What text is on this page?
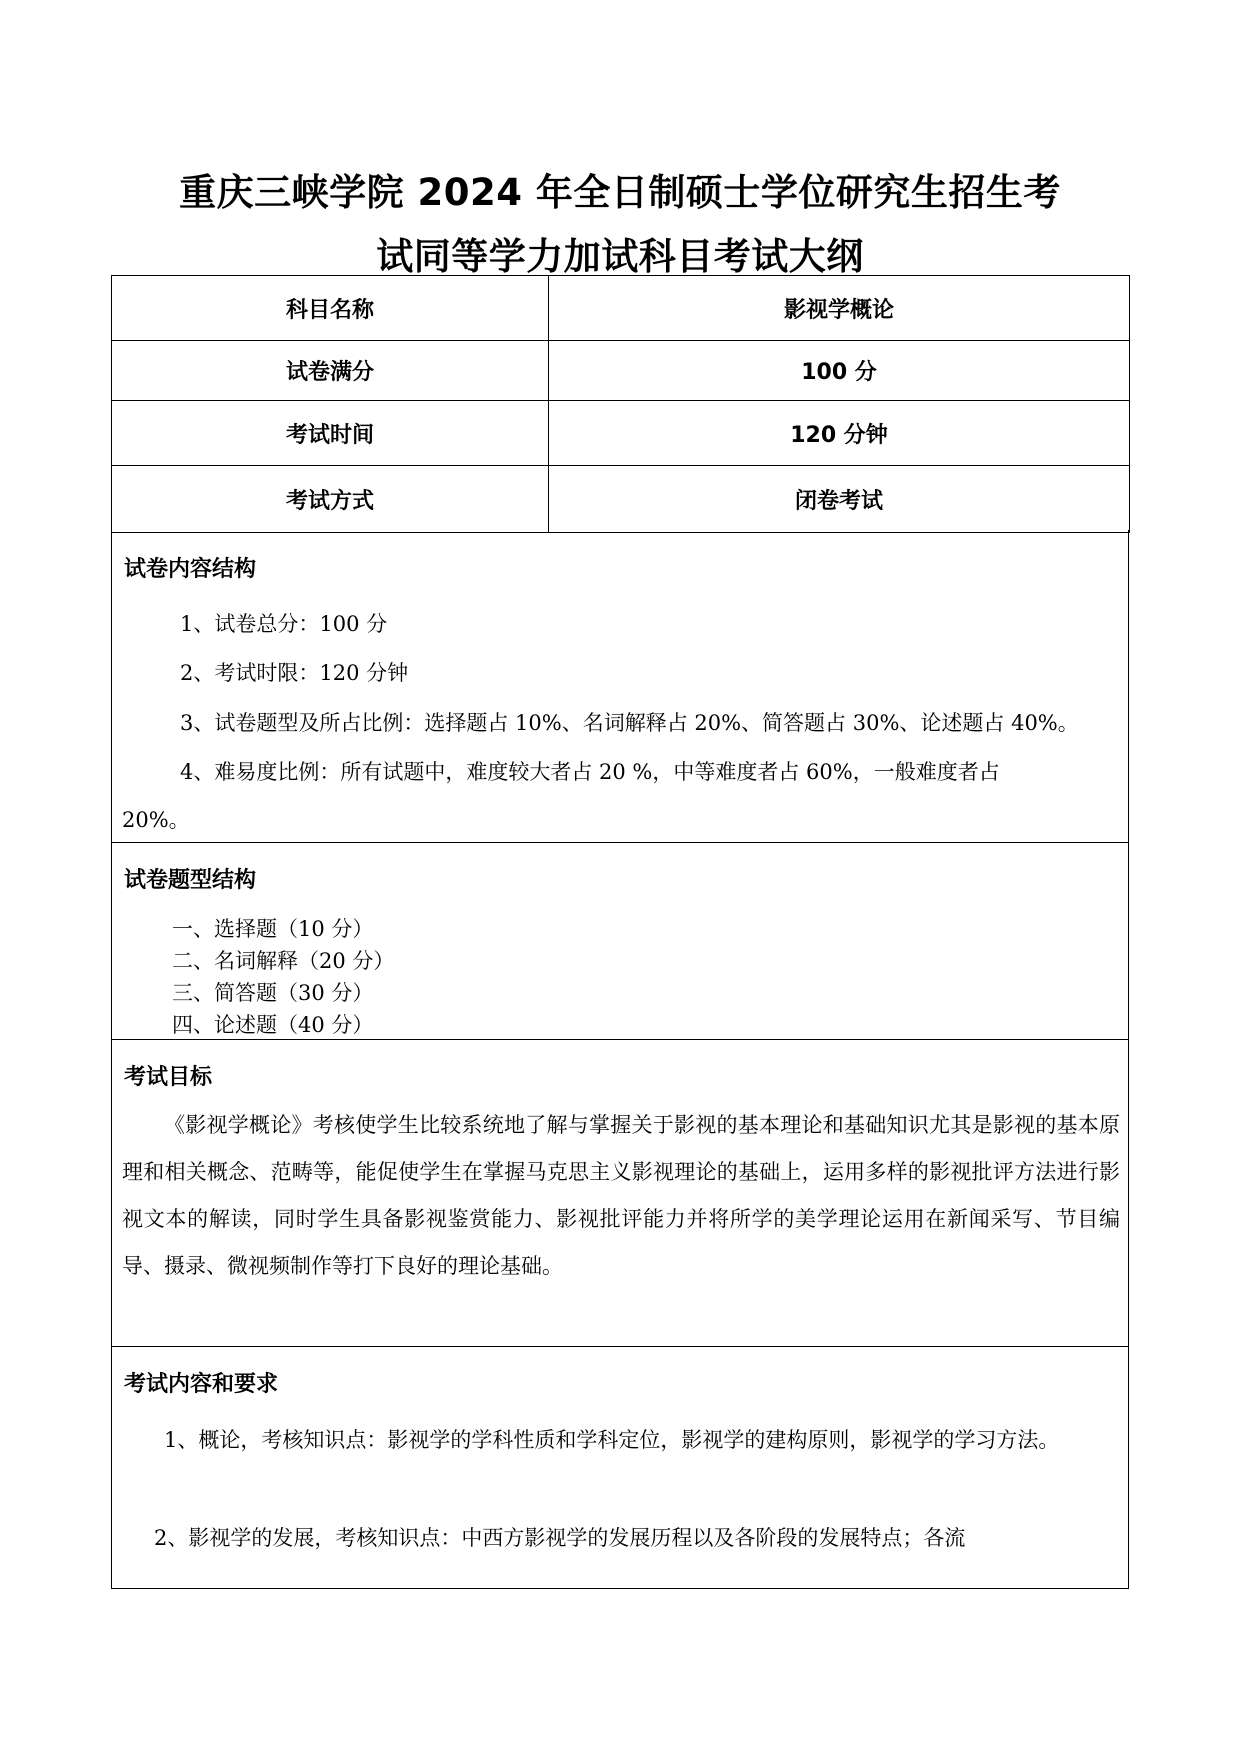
重庆三峡学院 2024 年全日制硕士学位研究生招生考
试同等学力加试科目考试大纲
科目名称	影视学概论
试卷满分	100 分
考试时间	120 分钟
考试方式	闭卷考试
试卷内容结构
1、试卷总分：100 分
2、考试时限：120 分钟
3、试卷题型及所占比例：选择题占 10%、名词解释占 20%、简答题占 30%、论述题占 40%。
4、难易度比例：所有试题中，难度较大者占 20 %，中等难度者占 60%，一般难度者占
20%。
试卷题型结构
一、选择题（10 分）
二、名词解释（20 分）
三、简答题（30 分）
四、论述题（40 分）
考试目标
《影视学概论》考核使学生比较系统地了解与掌握关于影视的基本理论和基础知识尤其是影视的基本原理和相关概念、范畴等，能促使学生在掌握马克思主义影视理论的基础上，运用多样的影视批评方法进行影视文本的解读，同时学生具备影视鉴赏能力、影视批评能力并将所学的美学理论运用在新闻采写、节目编导、摄录、微视频制作等打下良好的理论基础。
考试内容和要求
1、概论，考核知识点：影视学的学科性质和学科定位，影视学的建构原则，影视学的学习方法。
2、影视学的发展，考核知识点：中西方影视学的发展历程以及各阶段的发展特点；各流
